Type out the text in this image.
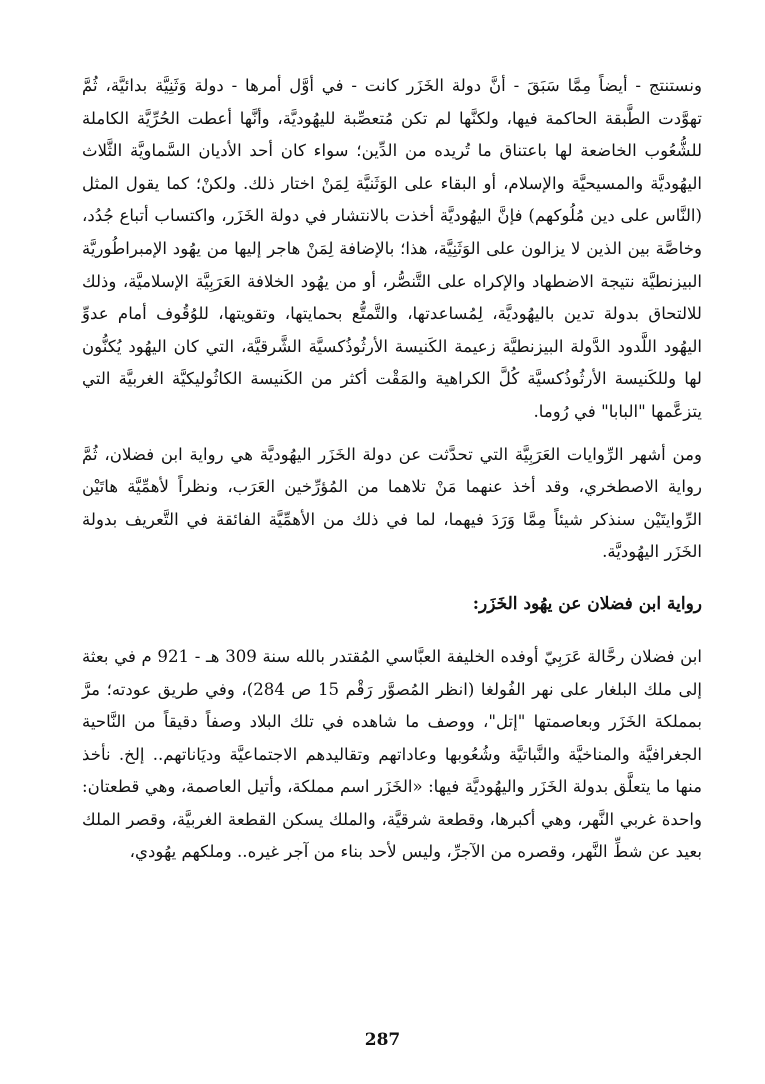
ونستنتج - أيضاً مِمَّا سَبَقَ - أنَّ دولة الخَزَر كانت - في أوَّل أمرها - دولة وَثَنِيَّة بدائيَّة، ثُمَّ تهوَّدت الطَّبقة الحاكمة فيها، ولكنَّها لم تكن مُتعصِّبة لليهُوديَّة، وأنَّها أعطت الحُرِّيَّة الكاملة للشُّعُوب الخاضعة لها باعتناق ما تُريده من الدِّين؛ سواء كان أحد الأديان السَّماويَّة الثَّلاث اليهُوديَّة والمسيحيَّة والإسلام، أو البقاء على الوَثَنيَّة لِمَنْ اختار ذلك. ولكنْ؛ كما يقول المثل (النَّاس على دين مُلُوكهم) فإنَّ اليهُوديَّة أخذت بالانتشار في دولة الخَزَر، واكتساب أتباع جُدُد، وخاصَّة بين الذين لا يزالون على الوَثَنِيَّة، هذا؛ بالإضافة لِمَنْ هاجر إليها من يهُود الإمبراطُوريَّة البيزنطيَّة نتيجة الاضطهاد والإكراه على التَّنصُّر، أو من يهُود الخلافة العَرَبِيَّة الإسلاميَّة، وذلك للالتحاق بدولة تدين باليهُوديَّة، لِمُساعدتها، والتَّمتُّع بحمايتها، وتقويتها، للوُقُوف أمام عدوِّ اليهُود اللَّدود الدَّولة البيزنطيَّة زعيمة الكَنيسة الأرثُوذُكسيَّة الشَّرقيَّة، التي كان اليهُود يُكنُّون لها وللكَنيسة الأرثُوذُكسيَّة كُلَّ الكراهية والمَقْت أكثر من الكَنيسة الكاثُوليكيَّة الغربيَّة التي يتزعَّمها "البابا" في رُوما.

ومن أشهر الرِّوايات العَرَبِيَّة التي تحدَّثت عن دولة الخَزَر اليهُوديَّة هي رواية ابن فضلان، ثُمَّ رواية الاصطخري، وقد أخذ عنهما مَنْ تلاهما من المُؤرِّخين العَرَب، ونظراً لأهمِّيَّة هاتَيْن الرِّوايتَيْن سنذكر شيئاً مِمَّا وَرَدَ فيهما، لما في ذلك من الأهمِّيَّة الفائقة في التَّعريف بدولة الخَزَر اليهُوديَّة.

رواية ابن فضلان عن يهُود الخَزَر:

ابن فضلان رحَّالة عَرَبِيّ أوفده الخليفة العبَّاسي المُقتدر بالله سنة 309 هـ - 921 م في بعثة إلى ملك البلغار على نهر الفُولغا (انظر المُصوَّر رَقْم 15 ص 284)، وفي طريق عودته؛ مرَّ بمملكة الخَزَر وبعاصمتها "إتل"، ووصف ما شاهده في تلك البلاد وصفاً دقيقاً من النَّاحية الجغرافيَّة والمناخيَّة والنَّباتيَّة وشُعُوبها وعاداتهم وتقاليدهم الاجتماعيَّة وديَاناتهم.. إلخ. نأخذ منها ما يتعلَّق بدولة الخَزَر واليهُوديَّة فيها: «الخَزَر اسم مملكة، وأتيل العاصمة، وهي قطعتان: واحدة غربي النَّهر، وهي أكبرها، وقطعة شرقيَّة، والملك يسكن القطعة الغربيَّة، وقصر الملك بعيد عن شطِّ النَّهر، وقصره من الآجرِّ، وليس لأحد بناء من آجر غيره.. وملكهم يهُودي،

287
